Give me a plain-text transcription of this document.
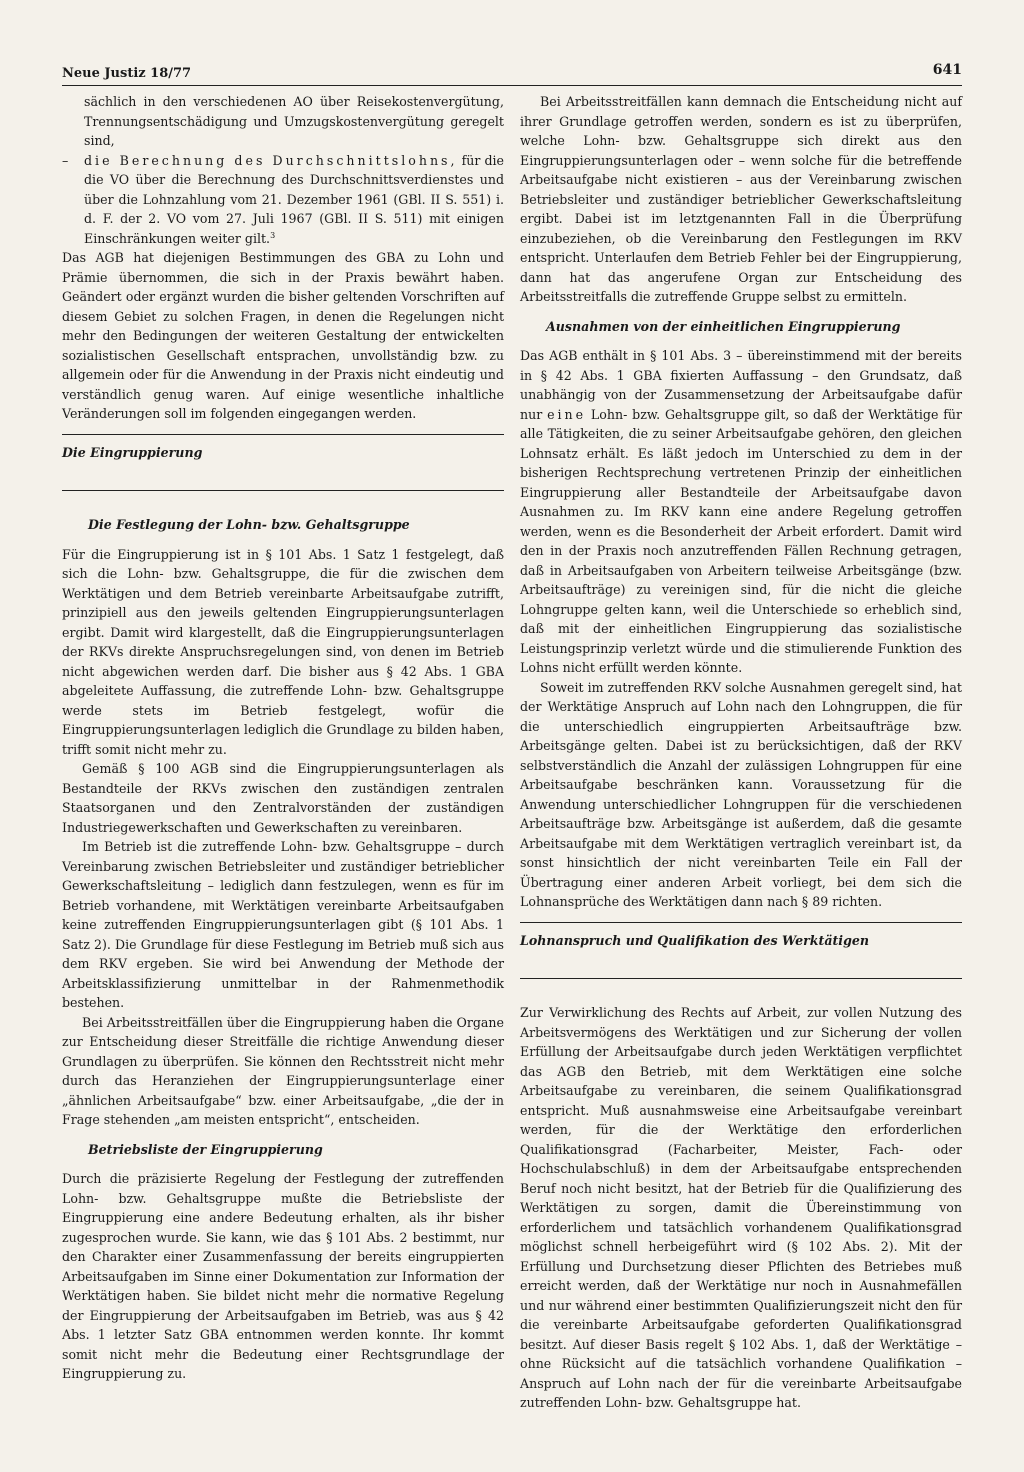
Neue Justiz 18/77	641

sächlich in den verschiedenen AO über Reisekostenvergütung, Trennungsentschädigung und Umzugskostenvergütung geregelt sind,

– die Berechnung des Durchschnittslohns, für die die VO über die Berechnung des Durchschnittsverdienstes und über die Lohnzahlung vom 21. Dezember 1961 (GBl. II S. 551) i. d. F. der 2. VO vom 27. Juli 1967 (GBl. II S. 511) mit einigen Einschränkungen weiter gilt.$^3$

Das AGB hat diejenigen Bestimmungen des GBA zu Lohn und Prämie übernommen, die sich in der Praxis bewährt haben. Geändert oder ergänzt wurden die bisher geltenden Vorschriften auf diesem Gebiet zu solchen Fragen, in denen die Regelungen nicht mehr den Bedingungen der weiteren Gestaltung der entwickelten sozialistischen Gesellschaft entsprachen, unvollständig bzw. zu allgemein oder für die Anwendung in der Praxis nicht eindeutig und verständlich genug waren. Auf einige wesentliche inhaltliche Veränderungen soll im folgenden eingegangen werden.

Die Eingruppierung
Die Festlegung der Lohn- bzw. Gehaltsgruppe

Für die Eingruppierung ist in § 101 Abs. 1 Satz 1 festgelegt, daß sich die Lohn- bzw. Gehaltsgruppe, die für die zwischen dem Werktätigen und dem Betrieb vereinbarte Arbeitsaufgabe zutrifft, prinzipiell aus den jeweils geltenden Eingruppierungsunterlagen ergibt. Damit wird klargestellt, daß die Eingruppierungsunterlagen der RKVs direkte Anspruchsregelungen sind, von denen im Betrieb nicht abgewichen werden darf. Die bisher aus § 42 Abs. 1 GBA abgeleitete Auffassung, die zutreffende Lohn- bzw. Gehaltsgruppe werde stets im Betrieb festgelegt, wofür die Eingruppierungsunterlagen lediglich die Grundlage zu bilden haben, trifft somit nicht mehr zu.

Gemäß § 100 AGB sind die Eingruppierungsunterlagen als Bestandteile der RKVs zwischen den zuständigen zentralen Staatsorganen und den Zentralvorständen der zuständigen Industriegewerkschaften und Gewerkschaften zu vereinbaren.

Im Betrieb ist die zutreffende Lohn- bzw. Gehaltsgruppe – durch Vereinbarung zwischen Betriebsleiter und zuständiger betrieblicher Gewerkschaftsleitung – lediglich dann festzulegen, wenn es für im Betrieb vorhandene, mit Werktätigen vereinbarte Arbeitsaufgaben keine zutreffenden Eingruppierungsunterlagen gibt (§ 101 Abs. 1 Satz 2). Die Grundlage für diese Festlegung im Betrieb muß sich aus dem RKV ergeben. Sie wird bei Anwendung der Methode der Arbeitsklassifizierung unmittelbar in der Rahmenmethodik bestehen.

Bei Arbeitsstreitfällen über die Eingruppierung haben die Organe zur Entscheidung dieser Streitfälle die richtige Anwendung dieser Grundlagen zu überprüfen. Sie können den Rechtsstreit nicht mehr durch das Heranziehen der Eingruppierungsunterlage einer „ähnlichen Arbeitsaufgabe“ bzw. einer Arbeitsaufgabe, „die der in Frage stehenden „am meisten entspricht“, entscheiden.

Betriebsliste der Eingruppierung

Durch die präzisierte Regelung der Festlegung der zutreffenden Lohn- bzw. Gehaltsgruppe mußte die Betriebsliste der Eingruppierung eine andere Bedeutung erhalten, als ihr bisher zugesprochen wurde. Sie kann, wie das § 101 Abs. 2 bestimmt, nur den Charakter einer Zusammenfassung der bereits eingruppierten Arbeitsaufgaben im Sinne einer Dokumentation zur Information der Werktätigen haben. Sie bildet nicht mehr die normative Regelung der Eingruppierung der Arbeitsaufgaben im Betrieb, was aus § 42 Abs. 1 letzter Satz GBA entnommen werden konnte. Ihr kommt somit nicht mehr die Bedeutung einer Rechtsgrundlage der Eingruppierung zu.

Bei Arbeitsstreitfällen kann demnach die Entscheidung nicht auf ihrer Grundlage getroffen werden, sondern es ist zu überprüfen, welche Lohn- bzw. Gehaltsgruppe sich direkt aus den Eingruppierungsunterlagen oder – wenn solche für die betreffende Arbeitsaufgabe nicht existieren – aus der Vereinbarung zwischen Betriebsleiter und zuständiger betrieblicher Gewerkschaftsleitung ergibt. Dabei ist im letztgenannten Fall in die Überprüfung einzubeziehen, ob die Vereinbarung den Festlegungen im RKV entspricht. Unterlaufen dem Betrieb Fehler bei der Eingruppierung, dann hat das angerufene Organ zur Entscheidung des Arbeitsstreitfalls die zutreffende Gruppe selbst zu ermitteln.

Ausnahmen von der einheitlichen Eingruppierung

Das AGB enthält in § 101 Abs. 3 – übereinstimmend mit der bereits in § 42 Abs. 1 GBA fixierten Auffassung – den Grundsatz, daß unabhängig von der Zusammensetzung der Arbeitsaufgabe dafür nur eine Lohn- bzw. Gehaltsgruppe gilt, so daß der Werktätige für alle Tätigkeiten, die zu seiner Arbeitsaufgabe gehören, den gleichen Lohnsatz erhält. Es läßt jedoch im Unterschied zu dem in der bisherigen Rechtsprechung vertretenen Prinzip der einheitlichen Eingruppierung aller Bestandteile der Arbeitsaufgabe davon Ausnahmen zu. Im RKV kann eine andere Regelung getroffen werden, wenn es die Besonderheit der Arbeit erfordert. Damit wird den in der Praxis noch anzutreffenden Fällen Rechnung getragen, daß in Arbeitsaufgaben von Arbeitern teilweise Arbeitsgänge (bzw. Arbeitsaufträge) zu vereinigen sind, für die nicht die gleiche Lohngruppe gelten kann, weil die Unterschiede so erheblich sind, daß mit der einheitlichen Eingruppierung das sozialistische Leistungsprinzip verletzt würde und die stimulierende Funktion des Lohns nicht erfüllt werden könnte.

Soweit im zutreffenden RKV solche Ausnahmen geregelt sind, hat der Werktätige Anspruch auf Lohn nach den Lohngruppen, die für die unterschiedlich eingruppierten Arbeitsaufträge bzw. Arbeitsgänge gelten. Dabei ist zu berücksichtigen, daß der RKV selbstverständlich die Anzahl der zulässigen Lohngruppen für eine Arbeitsaufgabe beschränken kann. Voraussetzung für die Anwendung unterschiedlicher Lohngruppen für die verschiedenen Arbeitsaufträge bzw. Arbeitsgänge ist außerdem, daß die gesamte Arbeitsaufgabe mit dem Werktätigen vertraglich vereinbart ist, da sonst hinsichtlich der nicht vereinbarten Teile ein Fall der Übertragung einer anderen Arbeit vorliegt, bei dem sich die Lohnansprüche des Werktätigen dann nach § 89 richten.

Lohnanspruch und Qualifikation des Werktätigen

Zur Verwirklichung des Rechts auf Arbeit, zur vollen Nutzung des Arbeitsvermögens des Werktätigen und zur Sicherung der vollen Erfüllung der Arbeitsaufgabe durch jeden Werktätigen verpflichtet das AGB den Betrieb, mit dem Werktätigen eine solche Arbeitsaufgabe zu vereinbaren, die seinem Qualifikationsgrad entspricht. Muß ausnahmsweise eine Arbeitsaufgabe vereinbart werden, für die der Werktätige den erforderlichen Qualifikationsgrad (Facharbeiter, Meister, Fach- oder Hochschulabschluß) in dem der Arbeitsaufgabe entsprechenden Beruf noch nicht besitzt, hat der Betrieb für die Qualifizierung des Werktätigen zu sorgen, damit die Übereinstimmung von erforderlichem und tatsächlich vorhandenem Qualifikationsgrad möglichst schnell herbeigeführt wird (§ 102 Abs. 2). Mit der Erfüllung und Durchsetzung dieser Pflichten des Betriebes muß erreicht werden, daß der Werktätige nur noch in Ausnahmefällen und nur während einer bestimmten Qualifizierungszeit nicht den für die vereinbarte Arbeitsaufgabe geforderten Qualifikationsgrad besitzt. Auf dieser Basis regelt § 102 Abs. 1, daß der Werktätige – ohne Rücksicht auf die tatsächlich vorhandene Qualifikation – Anspruch auf Lohn nach der für die vereinbarte Arbeitsaufgabe zutreffenden Lohn- bzw. Gehaltsgruppe hat.
